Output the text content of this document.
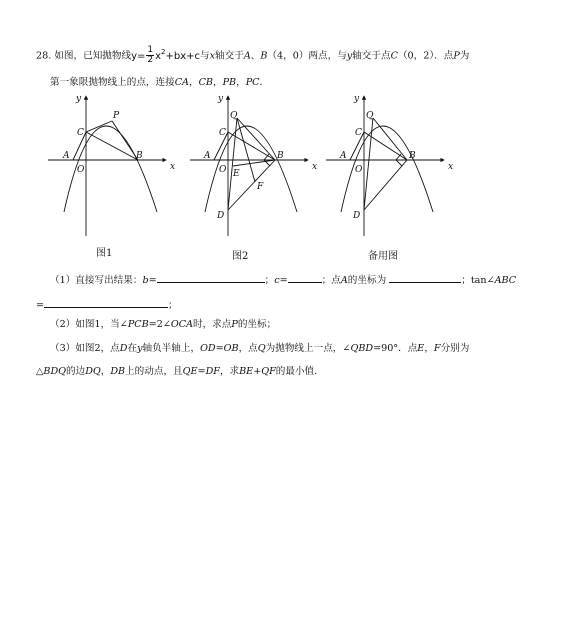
28. 如图，已知抛物线$y= \frac{1}{2} x^2+bx+c$与x轴交于A、B（4，0）两点，与y轴交于点C（0，2）．点P为
第一象限抛物线上的点，连接CA，CB，PB，PC．
y
x
O
A	B
C
P
y
x
O
A	B
C
Q
E
F
D
y
x
O
A	B
C
Q
D
图1	图2	备用图
（1）直接写出结果：b=	；c=	；点A的坐标为	；tan∠ABC
=	；
（2）如图1，当∠PCB=2∠OCA时，求点P的坐标；
（3）如图2，点D在y轴负半轴上，OD=OB，点Q为抛物线上一点，∠QBD=90°．点E，F分别为
△BDQ的边DQ，DB上的动点，且QE=DF，求BE+QF的最小值．
